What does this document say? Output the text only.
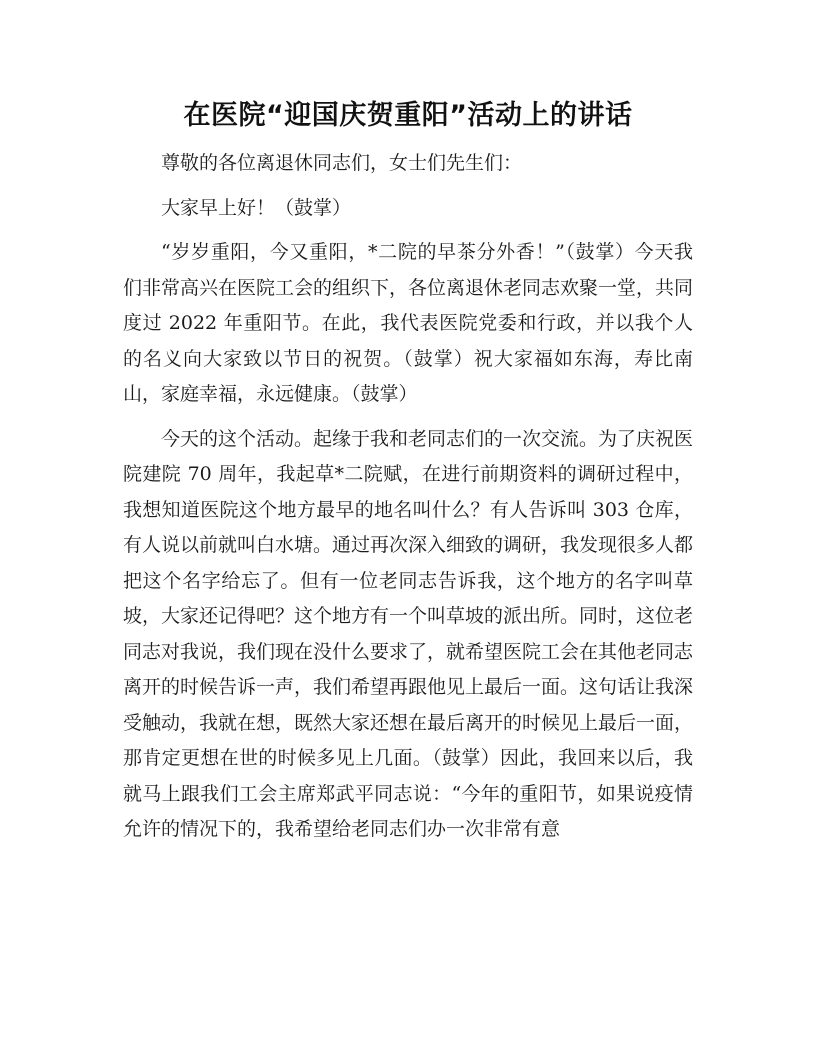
在医院“迎国庆贺重阳”活动上的讲话

尊敬的各位离退休同志们，女士们先生们：

大家早上好！（鼓掌）

“岁岁重阳，今又重阳，*二院的早茶分外香！”（鼓掌）今天我们非常高兴在医院工会的组织下，各位离退休老同志欢聚一堂，共同度过 2022 年重阳节。在此，我代表医院党委和行政，并以我个人的名义向大家致以节日的祝贺。（鼓掌）祝大家福如东海，寿比南山，家庭幸福，永远健康。（鼓掌）

今天的这个活动。起缘于我和老同志们的一次交流。为了庆祝医院建院 70 周年，我起草*二院赋，在进行前期资料的调研过程中，我想知道医院这个地方最早的地名叫什么？有人告诉叫 303 仓库，有人说以前就叫白水塘。通过再次深入细致的调研，我发现很多人都把这个名字给忘了。但有一位老同志告诉我，这个地方的名字叫草坡，大家还记得吧？这个地方有一个叫草坡的派出所。同时，这位老同志对我说，我们现在没什么要求了，就希望医院工会在其他老同志离开的时候告诉一声，我们希望再跟他见上最后一面。这句话让我深受触动，我就在想，既然大家还想在最后离开的时候见上最后一面，那肯定更想在世的时候多见上几面。（鼓掌）因此，我回来以后，我就马上跟我们工会主席郑武平同志说：“今年的重阳节，如果说疫情允许的情况下的，我希望给老同志们办一次非常有意
